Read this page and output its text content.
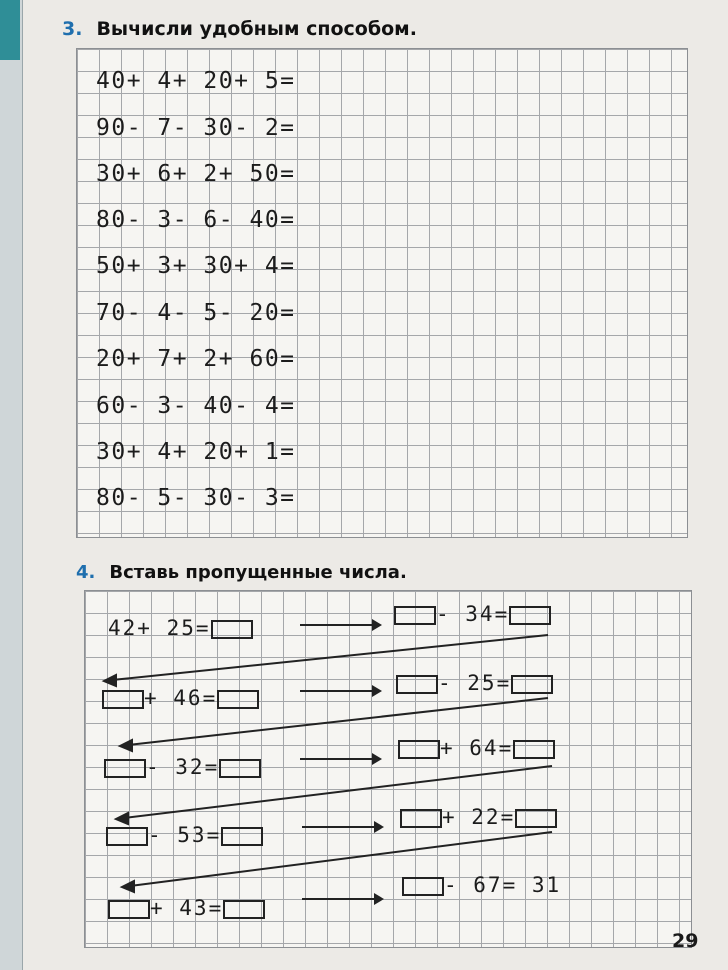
3. Вычисли удобным способом.
40+ 4+ 20+ 5=
90- 7- 30- 2=
30+ 6+ 2+ 50=
80- 3- 6- 40=
50+ 3+ 30+ 4=
70- 4- 5- 20=
20+ 7+ 2+ 60=
60- 3- 40- 4=
30+ 4+ 20+ 1=
80- 5- 30- 3=
4. Вставь пропущенные числа.
42+ 25=
- 34=
+ 46=
- 25=
- 32=
+ 64=
- 53=
+ 22=
+ 43=
- 67= 31
29
